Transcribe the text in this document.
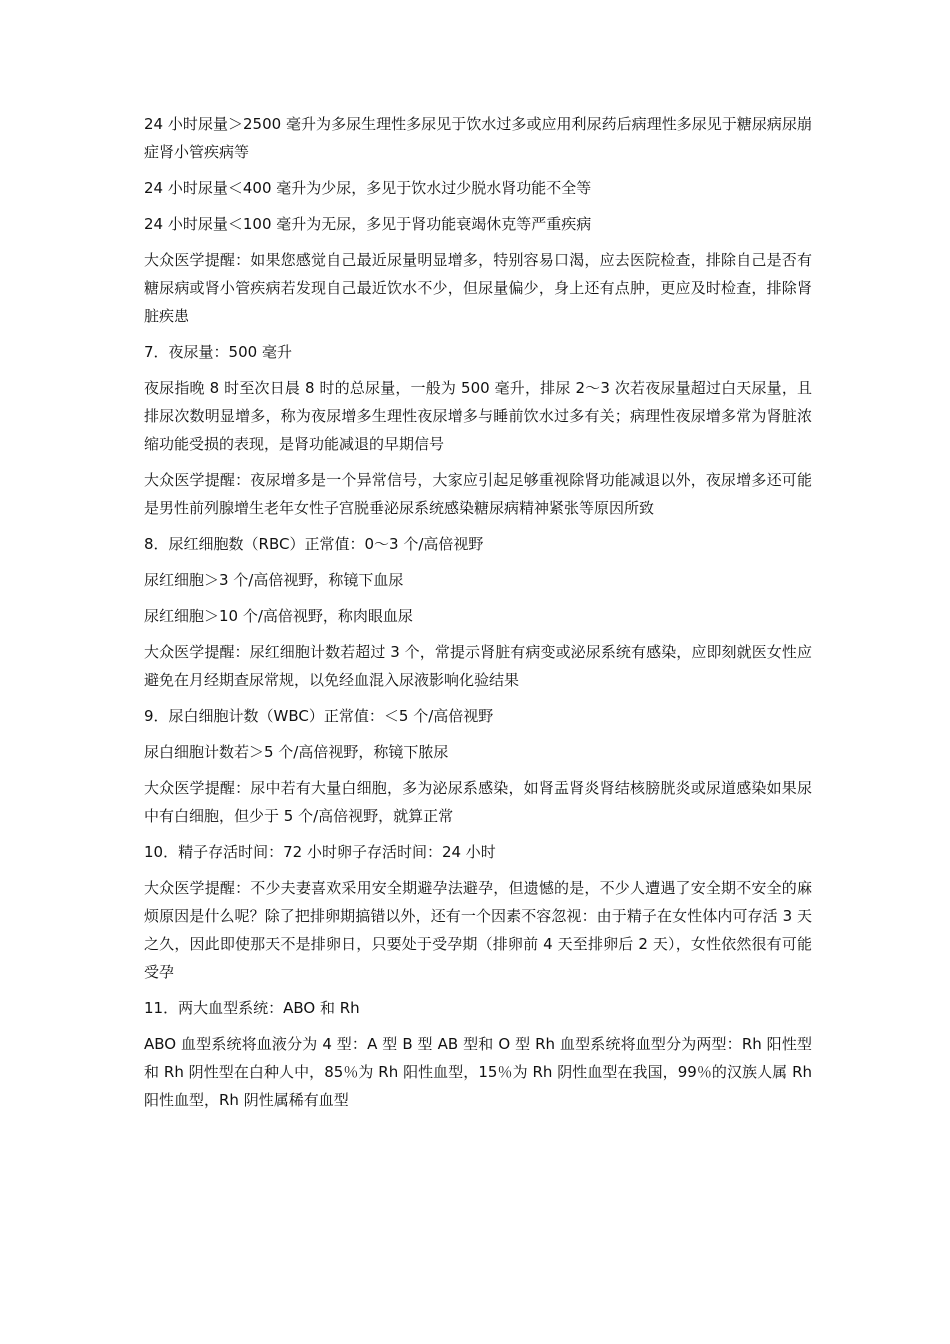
24 小时尿量＞2500 毫升为多尿生理性多尿见于饮水过多或应用利尿药后病理性多尿见于糖尿病尿崩症肾小管疾病等

24 小时尿量＜400 毫升为少尿，多见于饮水过少脱水肾功能不全等

24 小时尿量＜100 毫升为无尿，多见于肾功能衰竭休克等严重疾病

大众医学提醒：如果您感觉自己最近尿量明显增多，特别容易口渴，应去医院检查，排除自己是否有糖尿病或肾小管疾病若发现自己最近饮水不少，但尿量偏少，身上还有点肿，更应及时检查，排除肾脏疾患

7．夜尿量：500 毫升

夜尿指晚 8 时至次日晨 8 时的总尿量，一般为 500 毫升，排尿 2～3 次若夜尿量超过白天尿量，且排尿次数明显增多，称为夜尿增多生理性夜尿增多与睡前饮水过多有关；病理性夜尿增多常为肾脏浓缩功能受损的表现，是肾功能减退的早期信号

大众医学提醒：夜尿增多是一个异常信号，大家应引起足够重视除肾功能减退以外，夜尿增多还可能是男性前列腺增生老年女性子宫脱垂泌尿系统感染糖尿病精神紧张等原因所致

8．尿红细胞数（RBC）正常值：0～3 个/高倍视野

尿红细胞＞3 个/高倍视野，称镜下血尿

尿红细胞＞10 个/高倍视野，称肉眼血尿

大众医学提醒：尿红细胞计数若超过 3 个，常提示肾脏有病变或泌尿系统有感染，应即刻就医女性应避免在月经期查尿常规，以免经血混入尿液影响化验结果

9．尿白细胞计数（WBC）正常值：＜5 个/高倍视野

尿白细胞计数若＞5 个/高倍视野，称镜下脓尿

大众医学提醒：尿中若有大量白细胞，多为泌尿系感染，如肾盂肾炎肾结核膀胱炎或尿道感染如果尿中有白细胞，但少于 5 个/高倍视野，就算正常

10．精子存活时间：72 小时卵子存活时间：24 小时

大众医学提醒：不少夫妻喜欢采用安全期避孕法避孕，但遗憾的是，不少人遭遇了安全期不安全的麻烦原因是什么呢？除了把排卵期搞错以外，还有一个因素不容忽视：由于精子在女性体内可存活 3 天之久，因此即使那天不是排卵日，只要处于受孕期（排卵前 4 天至排卵后 2 天），女性依然很有可能受孕

11．两大血型系统：ABO 和 Rh

ABO 血型系统将血液分为 4 型：A 型 B 型 AB 型和 O 型 Rh 血型系统将血型分为两型：Rh 阳性型和 Rh 阴性型在白种人中，85％为 Rh 阳性血型，15％为 Rh 阴性血型在我国，99％的汉族人属 Rh 阳性血型，Rh 阴性属稀有血型
